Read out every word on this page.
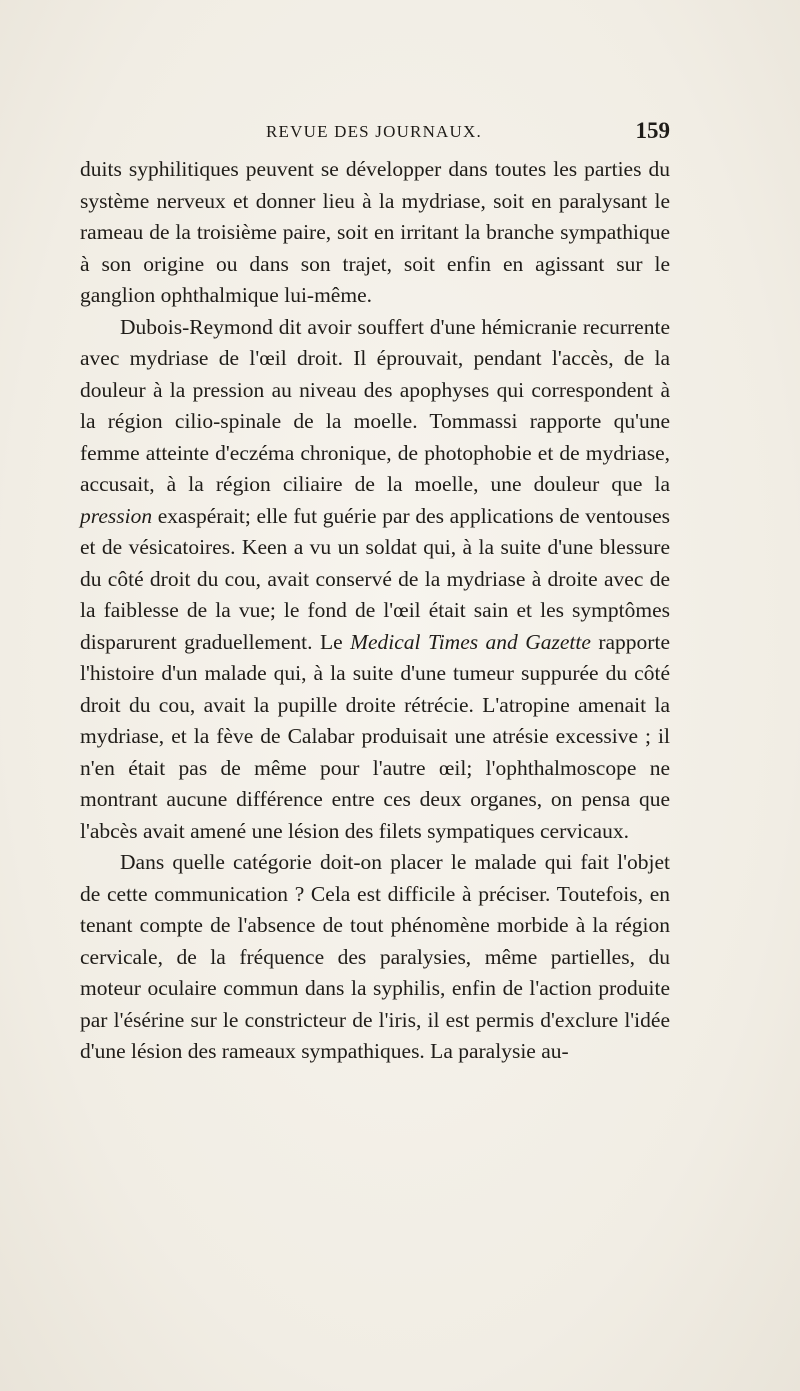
REVUE DES JOURNAUX.	159

duits syphilitiques peuvent se développer dans toutes les parties du système nerveux et donner lieu à la mydriase, soit en paralysant le rameau de la troisième paire, soit en irritant la branche sympathique à son origine ou dans son trajet, soit enfin en agissant sur le ganglion ophthalmique lui-même.

Dubois-Reymond dit avoir souffert d'une hémicranie recurrente avec mydriase de l'œil droit. Il éprouvait, pendant l'accès, de la douleur à la pression au niveau des apophyses qui correspondent à la région cilio-spinale de la moelle. Tommassi rapporte qu'une femme atteinte d'eczéma chronique, de photophobie et de mydriase, accusait, à la région ciliaire de la moelle, une douleur que la pression exaspérait; elle fut guérie par des applications de ventouses et de vésicatoires. Keen a vu un soldat qui, à la suite d'une blessure du côté droit du cou, avait conservé de la mydriase à droite avec de la faiblesse de la vue; le fond de l'œil était sain et les symptômes disparurent graduellement. Le Medical Times and Gazette rapporte l'histoire d'un malade qui, à la suite d'une tumeur suppurée du côté droit du cou, avait la pupille droite rétrécie. L'atropine amenait la mydriase, et la fève de Calabar produisait une atrésie excessive ; il n'en était pas de même pour l'autre œil; l'ophthalmoscope ne montrant aucune différence entre ces deux organes, on pensa que l'abcès avait amené une lésion des filets sympatiques cervicaux.

Dans quelle catégorie doit-on placer le malade qui fait l'objet de cette communication ? Cela est difficile à préciser. Toutefois, en tenant compte de l'absence de tout phénomène morbide à la région cervicale, de la fréquence des paralysies, même partielles, du moteur oculaire commun dans la syphilis, enfin de l'action produite par l'ésérine sur le constricteur de l'iris, il est permis d'exclure l'idée d'une lésion des rameaux sympathiques. La paralysie au-
